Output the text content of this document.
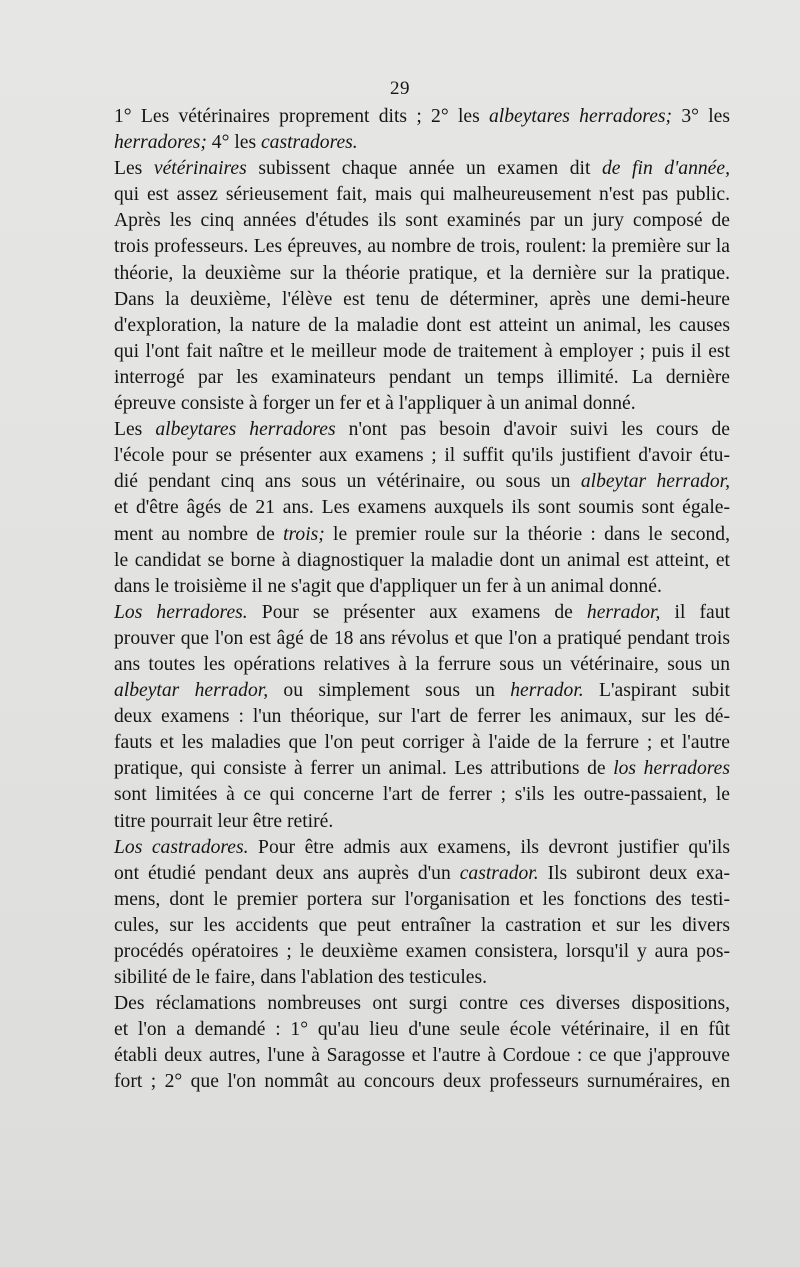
29
1° Les vétérinaires proprement dits ; 2° les albeytares herradores; 3° les
herradores; 4° les castradores.
Les vétérinaires subissent chaque année un examen dit de fin d'année,
qui est assez sérieusement fait, mais qui malheureusement n'est pas public.
Après les cinq années d'études ils sont examinés par un jury composé de
trois professeurs. Les épreuves, au nombre de trois, roulent: la première sur la
théorie, la deuxième sur la théorie pratique, et la dernière sur la pratique.
Dans la deuxième, l'élève est tenu de déterminer, après une demi-heure
d'exploration, la nature de la maladie dont est atteint un animal, les causes
qui l'ont fait naître et le meilleur mode de traitement à employer ; puis il est
interrogé par les examinateurs pendant un temps illimité. La dernière
épreuve consiste à forger un fer et à l'appliquer à un animal donné.
Les albeytares herradores n'ont pas besoin d'avoir suivi les cours de
l'école pour se présenter aux examens ; il suffit qu'ils justifient d'avoir étu-
dié pendant cinq ans sous un vétérinaire, ou sous un albeytar herrador,
et d'être âgés de 21 ans. Les examens auxquels ils sont soumis sont égale-
ment au nombre de trois; le premier roule sur la théorie : dans le second,
le candidat se borne à diagnostiquer la maladie dont un animal est atteint, et
dans le troisième il ne s'agit que d'appliquer un fer à un animal donné.
Los herradores. Pour se présenter aux examens de herrador, il faut
prouver que l'on est âgé de 18 ans révolus et que l'on a pratiqué pendant trois
ans toutes les opérations relatives à la ferrure sous un vétérinaire, sous un
albeytar herrador, ou simplement sous un herrador. L'aspirant subit
deux examens : l'un théorique, sur l'art de ferrer les animaux, sur les dé-
fauts et les maladies que l'on peut corriger à l'aide de la ferrure ; et l'autre
pratique, qui consiste à ferrer un animal. Les attributions de los herradores
sont limitées à ce qui concerne l'art de ferrer ; s'ils les outre-passaient, le
titre pourrait leur être retiré.
Los castradores. Pour être admis aux examens, ils devront justifier qu'ils
ont étudié pendant deux ans auprès d'un castrador. Ils subiront deux exa-
mens, dont le premier portera sur l'organisation et les fonctions des testi-
cules, sur les accidents que peut entraîner la castration et sur les divers
procédés opératoires ; le deuxième examen consistera, lorsqu'il y aura pos-
sibilité de le faire, dans l'ablation des testicules.
Des réclamations nombreuses ont surgi contre ces diverses dispositions,
et l'on a demandé : 1° qu'au lieu d'une seule école vétérinaire, il en fût
établi deux autres, l'une à Saragosse et l'autre à Cordoue : ce que j'approuve
fort ; 2° que l'on nommât au concours deux professeurs surnuméraires, en
